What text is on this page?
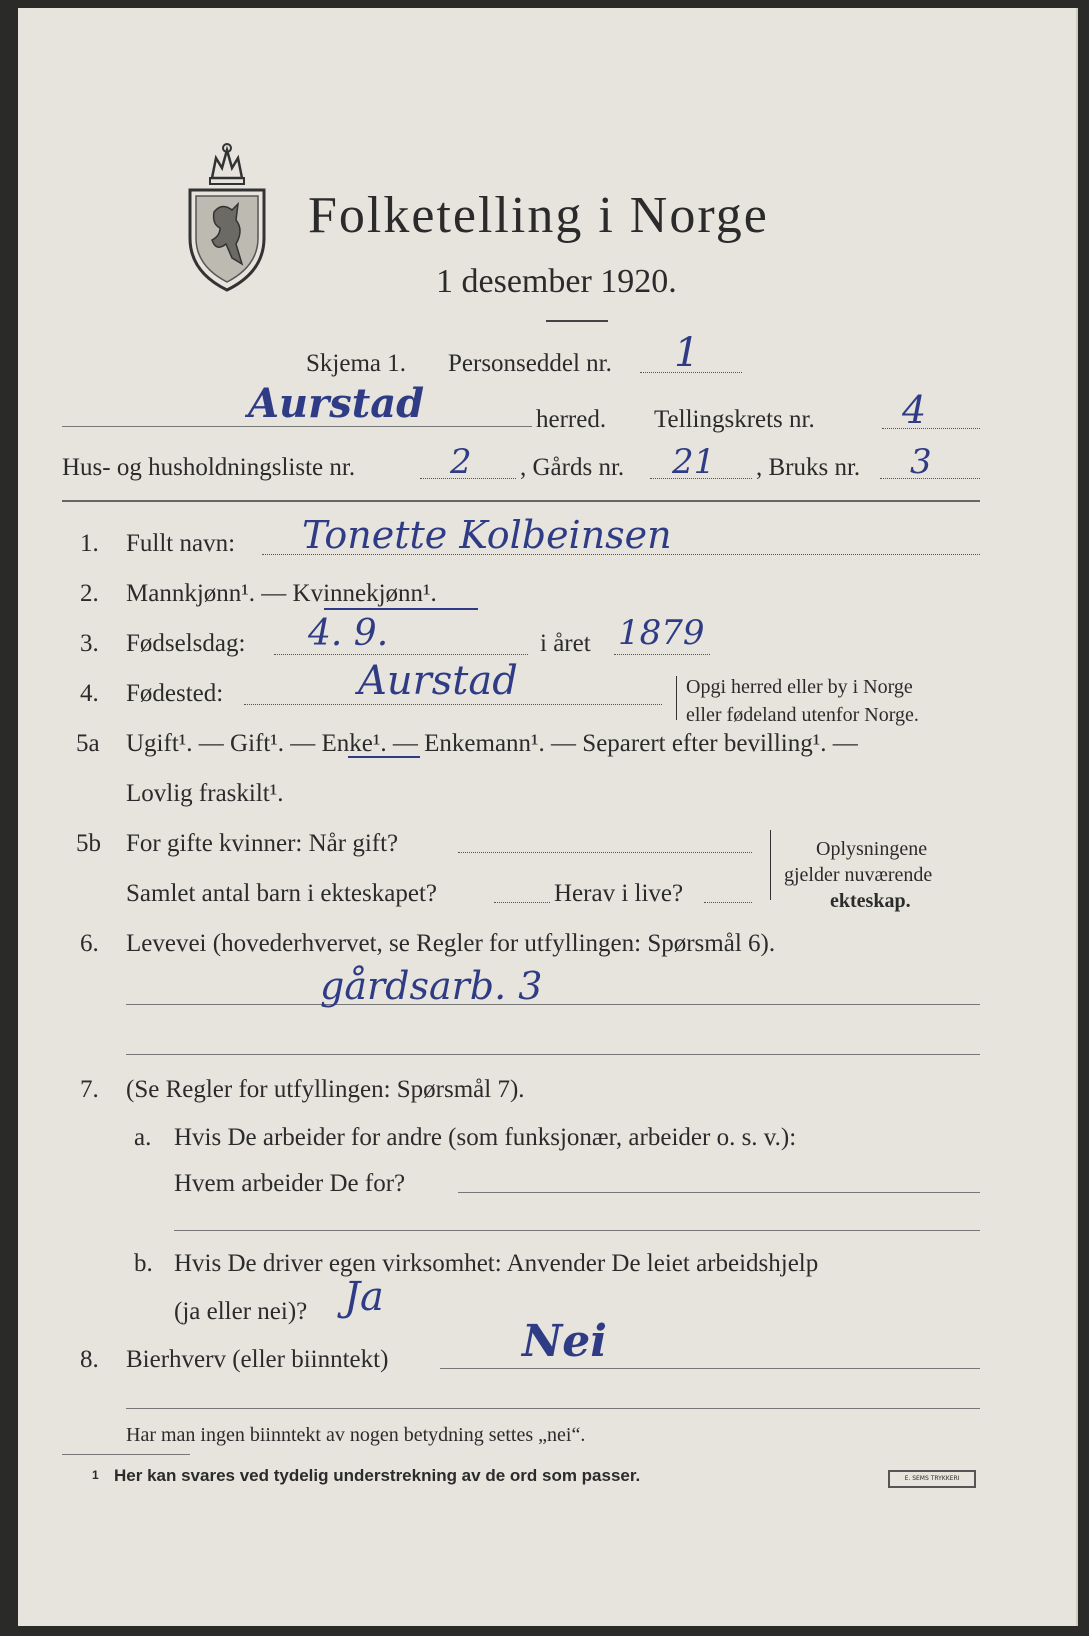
Folketelling i Norge
1 desember 1920.
Skjema 1. Personseddel nr. 1
Aurstad	herred. Tellingskrets nr. 4
Hus- og husholdningsliste nr.	2 , Gårds nr. 21 , Bruks nr. 3
1. Fullt navn: Tonette Kolbeinsen
2. Mannkjønn¹. — Kvinnekjønn¹.
3. Fødselsdag: 4. 9.	i året 1879
4. Fødested:	Aurstad	Opgi herred eller by i Norge
eller fødeland utenfor Norge.
5a Ugift¹. — Gift¹. — Enke¹. — Enkemann¹. — Separert efter bevilling¹. —
Lovlig fraskilt¹.
5b For gifte kvinner: Når gift?
Samlet antal barn i ekteskapet?	Herav i live?
Oplysningene
gjelder nuværende
ekteskap.
6. Levevei (hovederhvervet, se Regler for utfyllingen: Spørsmål 6).
gårdsarb. 3
7. (Se Regler for utfyllingen: Spørsmål 7).
a. Hvis De arbeider for andre (som funksjonær, arbeider o. s. v.):
Hvem arbeider De for?
b. Hvis De driver egen virksomhet: Anvender De leiet arbeidshjelp
(ja eller nei)? Ja
8. Bierhverv (eller biinntekt)	Nei
Har man ingen biinntekt av nogen betydning settes „nei“.
1 Her kan svares ved tydelig understrekning av de ord som passer.	E. SEMS TRYKKERI
